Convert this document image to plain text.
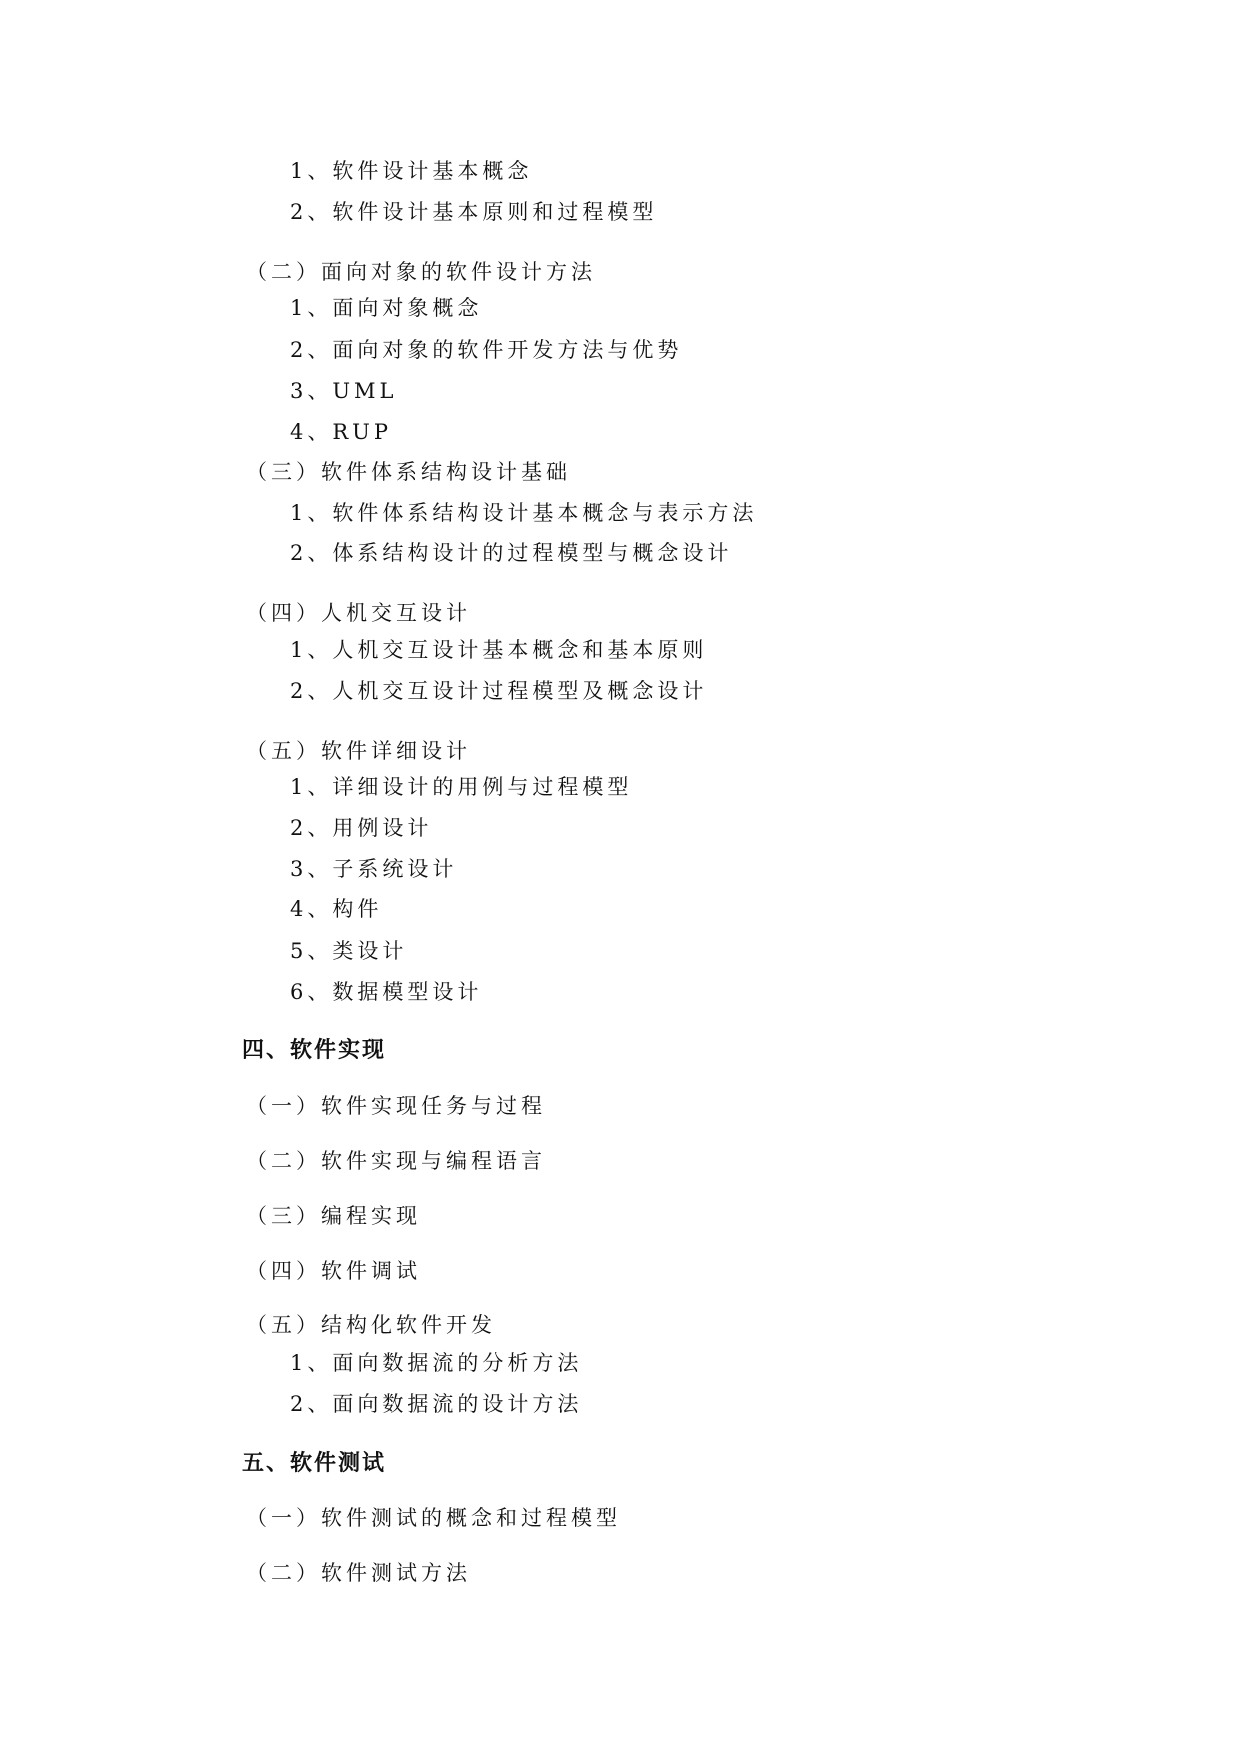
1、软件设计基本概念
2、软件设计基本原则和过程模型
（二）面向对象的软件设计方法
1、面向对象概念
2、面向对象的软件开发方法与优势
3、UML
4、RUP
（三）软件体系结构设计基础
1、软件体系结构设计基本概念与表示方法
2、体系结构设计的过程模型与概念设计
（四）人机交互设计
1、人机交互设计基本概念和基本原则
2、人机交互设计过程模型及概念设计
（五）软件详细设计
1、详细设计的用例与过程模型
2、用例设计
3、子系统设计
4、构件
5、类设计
6、数据模型设计
四、软件实现
（一）软件实现任务与过程
（二）软件实现与编程语言
（三）编程实现
（四）软件调试
（五）结构化软件开发
1、面向数据流的分析方法
2、面向数据流的设计方法
五、软件测试
（一）软件测试的概念和过程模型
（二）软件测试方法
